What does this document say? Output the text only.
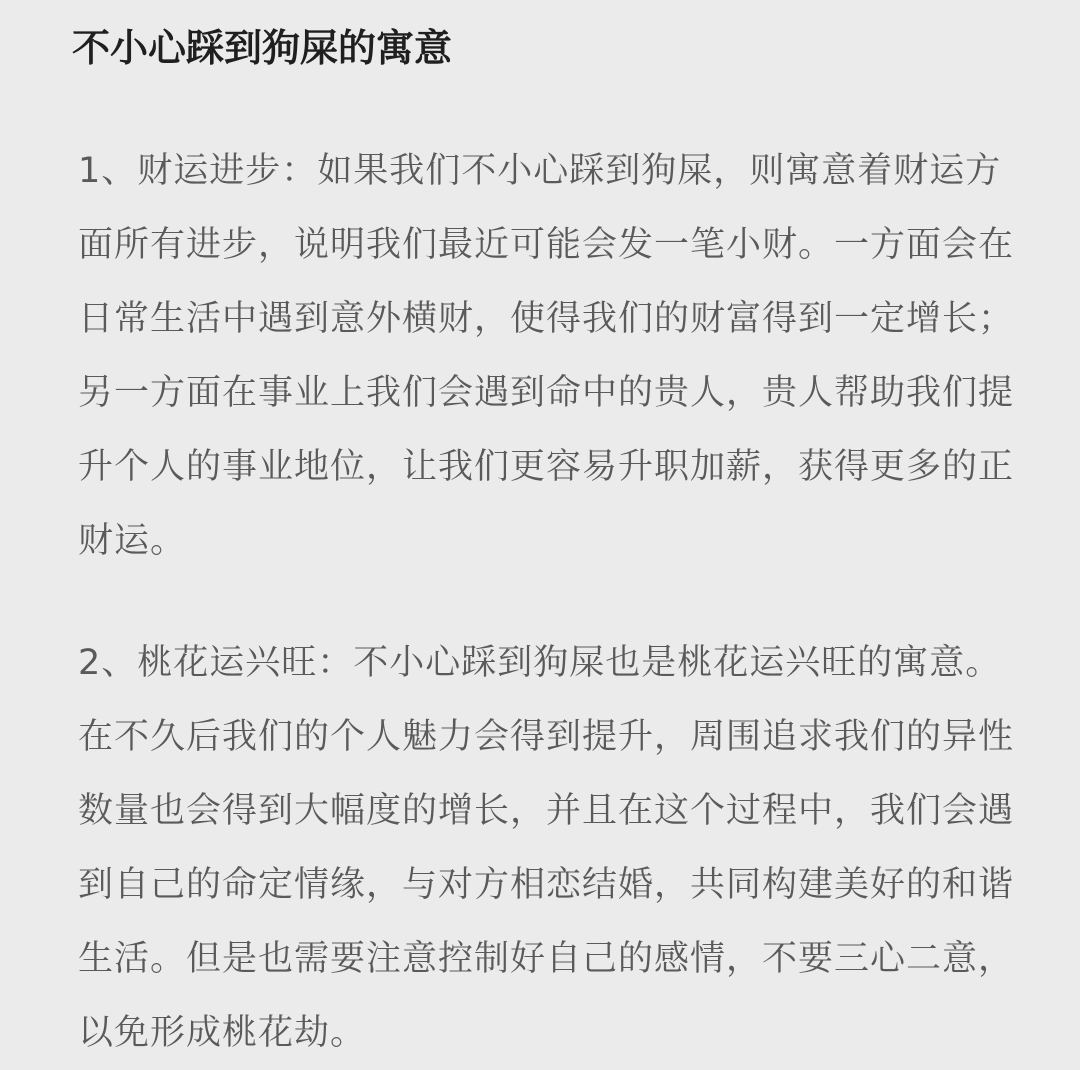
不小心踩到狗屎的寓意

1、财运进步：如果我们不小心踩到狗屎，则寓意着财运方面所有进步，说明我们最近可能会发一笔小财。一方面会在日常生活中遇到意外横财，使得我们的财富得到一定增长；另一方面在事业上我们会遇到命中的贵人，贵人帮助我们提升个人的事业地位，让我们更容易升职加薪，获得更多的正财运。

2、桃花运兴旺：不小心踩到狗屎也是桃花运兴旺的寓意。在不久后我们的个人魅力会得到提升，周围追求我们的异性数量也会得到大幅度的增长，并且在这个过程中，我们会遇到自己的命定情缘，与对方相恋结婚，共同构建美好的和谐生活。但是也需要注意控制好自己的感情，不要三心二意，以免形成桃花劫。
